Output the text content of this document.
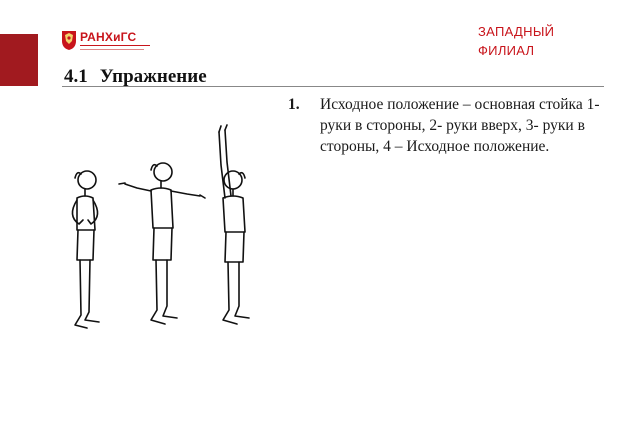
РАНХиГС	ЗАПАДНЫЙ
ФИЛИАЛ
4.1 Упражнение
1. Исходное положение – основная стойка 1- руки в стороны, 2- руки вверх, 3- руки в стороны, 4 – Исходное положение.
